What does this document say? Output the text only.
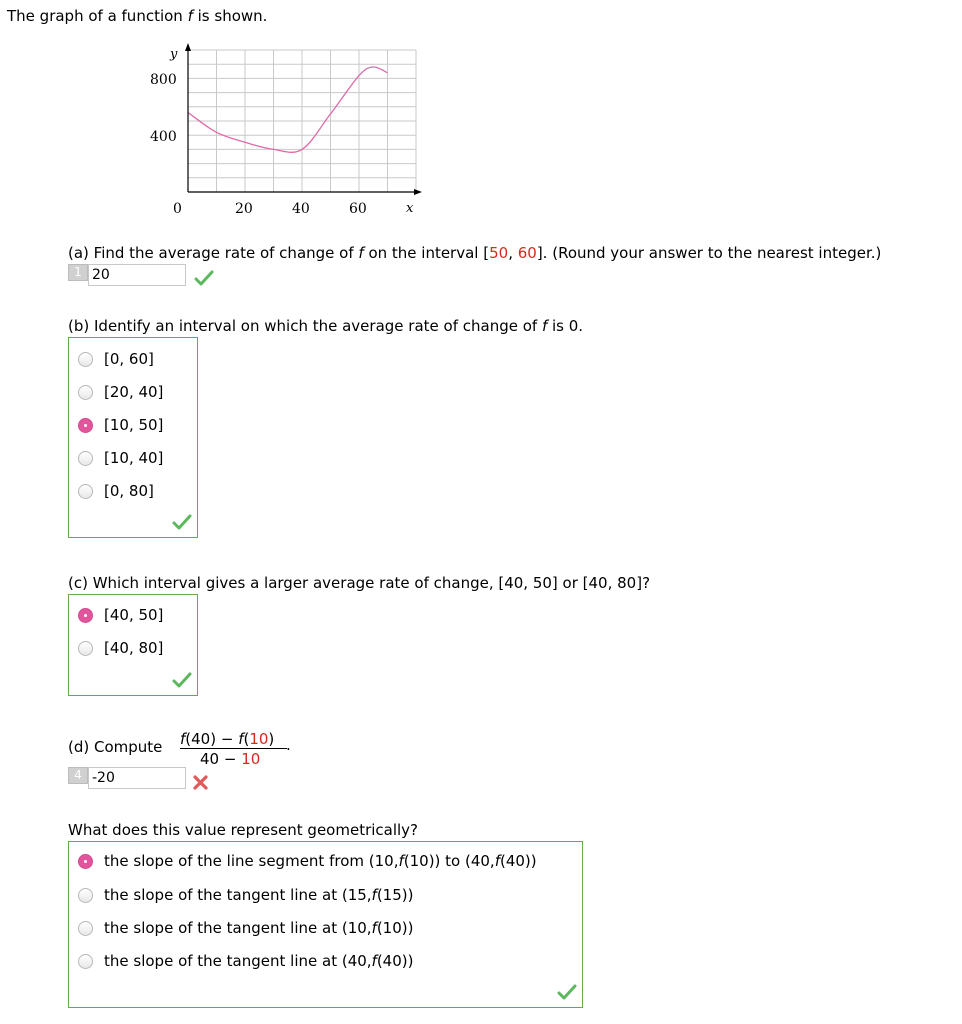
The graph of a function f is shown.
y
x
800
400
0	20	40	60
(a) Find the average rate of change of f on the interval [50, 60]. (Round your answer to the nearest integer.)
1 20
(b) Identify an interval on which the average rate of change of f is 0.
[0, 60]
[20, 40]
[10, 50]
[10, 40]
[0, 80]
(c) Which interval gives a larger average rate of change, [40, 50] or [40, 80]?
[40, 50]
[40, 80]
(d) Compute f(40) − f(10)
40 − 10
.
4 -20
What does this value represent geometrically?
the slope of the line segment from (10, f (10)) to (40, f (40))
the slope of the tangent line at (15, f (15))
the slope of the tangent line at (10, f (10))
the slope of the tangent line at (40, f (40))
